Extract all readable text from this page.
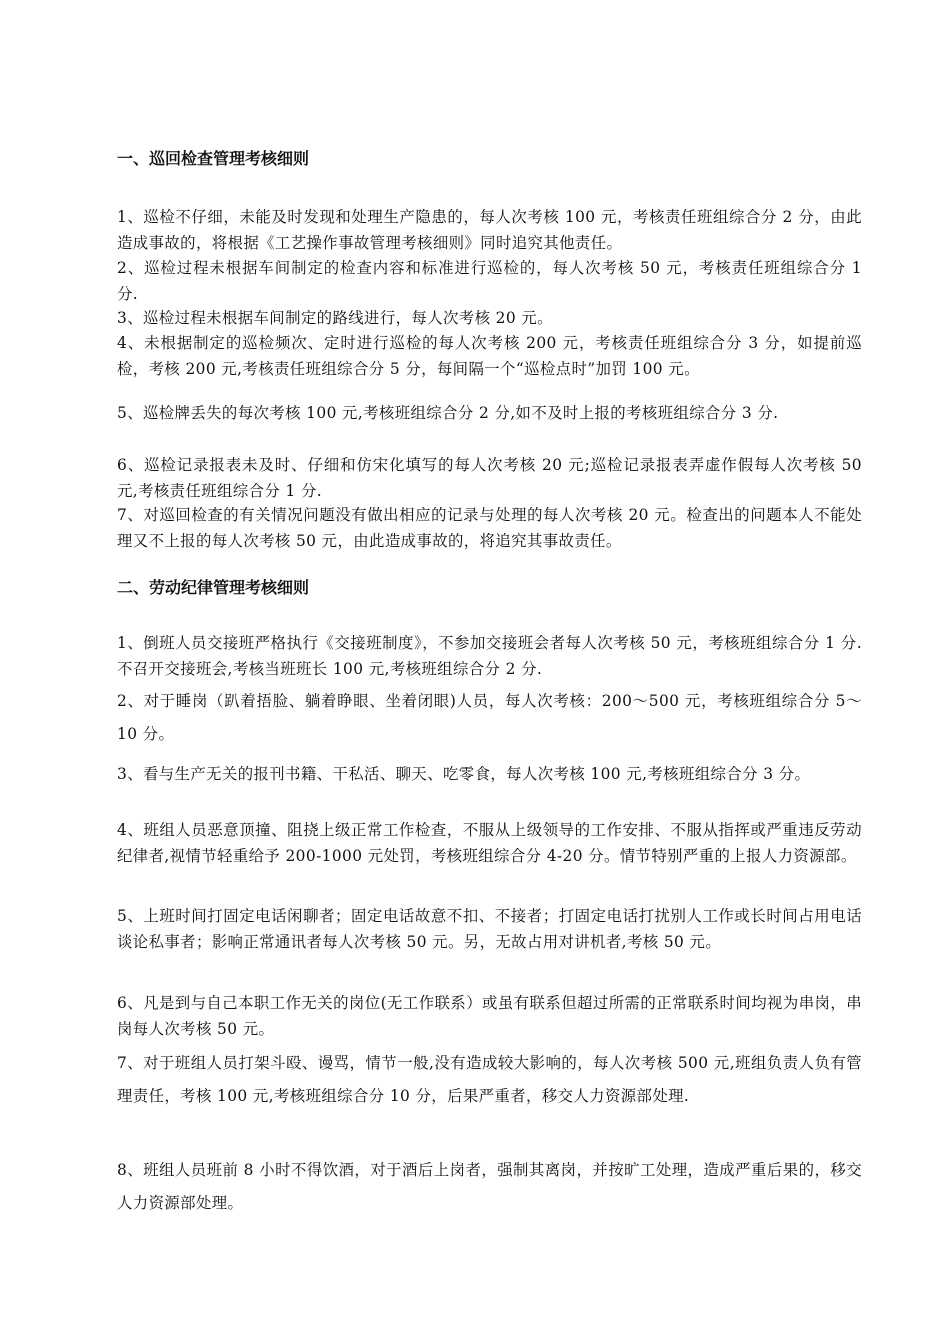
一、巡回检查管理考核细则

1、巡检不仔细，未能及时发现和处理生产隐患的，每人次考核 100 元，考核责任班组综合分 2 分，由此造成事故的，将根据《工艺操作事故管理考核细则》同时追究其他责任。

2、巡检过程未根据车间制定的检查内容和标准进行巡检的，每人次考核 50 元，考核责任班组综合分 1 分.

3、巡检过程未根据车间制定的路线进行，每人次考核 20 元。

4、未根据制定的巡检频次、定时进行巡检的每人次考核 200 元，考核责任班组综合分 3 分，如提前巡检，考核 200 元,考核责任班组综合分 5 分，每间隔一个“巡检点时”加罚 100 元。

5、巡检牌丢失的每次考核 100 元,考核班组综合分 2 分,如不及时上报的考核班组综合分 3 分.

6、巡检记录报表未及时、仔细和仿宋化填写的每人次考核 20 元;巡检记录报表弄虚作假每人次考核 50 元,考核责任班组综合分 1 分.

7、对巡回检查的有关情况问题没有做出相应的记录与处理的每人次考核 20 元。检查出的问题本人不能处理又不上报的每人次考核 50 元，由此造成事故的，将追究其事故责任。

二、劳动纪律管理考核细则

1、倒班人员交接班严格执行《交接班制度》，不参加交接班会者每人次考核 50 元，考核班组综合分 1 分.不召开交接班会,考核当班班长 100 元,考核班组综合分 2 分.

2、对于睡岗（趴着捂脸、躺着睁眼、坐着闭眼)人员，每人次考核：200～500 元，考核班组综合分 5～10 分。

3、看与生产无关的报刊书籍、干私活、聊天、吃零食，每人次考核 100 元,考核班组综合分 3 分。

4、班组人员恶意顶撞、阻挠上级正常工作检查，不服从上级领导的工作安排、不服从指挥或严重违反劳动纪律者,视情节轻重给予 200-1000 元处罚，考核班组综合分 4-20 分。情节特别严重的上报人力资源部。

5、上班时间打固定电话闲聊者；固定电话故意不扣、不接者；打固定电话打扰别人工作或长时间占用电话谈论私事者；影响正常通讯者每人次考核 50 元。另，无故占用对讲机者,考核 50 元。

6、凡是到与自己本职工作无关的岗位(无工作联系）或虽有联系但超过所需的正常联系时间均视为串岗，串岗每人次考核 50 元。

7、对于班组人员打架斗殴、谩骂，情节一般,没有造成较大影响的，每人次考核 500 元,班组负责人负有管理责任，考核 100 元,考核班组综合分 10 分，后果严重者，移交人力资源部处理.

8、班组人员班前 8 小时不得饮酒，对于酒后上岗者，强制其离岗，并按旷工处理，造成严重后果的，移交人力资源部处理。
